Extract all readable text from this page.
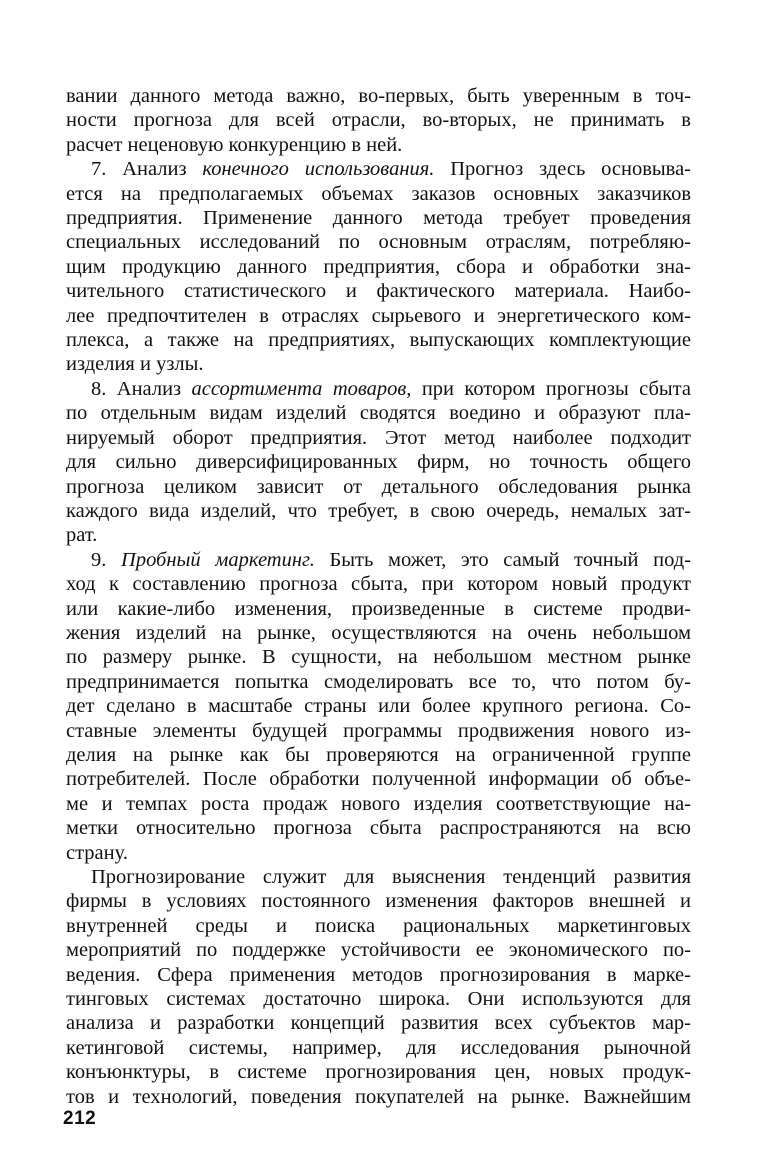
вании данного метода важно, во-первых, быть уверенным в точ-
ности прогноза для всей отрасли, во-вторых, не принимать в
расчет неценовую конкуренцию в ней.
7. Анализ конечного использования. Прогноз здесь основыва-
ется на предполагаемых объемах заказов основных заказчиков
предприятия. Применение данного метода требует проведения
специальных исследований по основным отраслям, потребляю-
щим продукцию данного предприятия, сбора и обработки зна-
чительного статистического и фактического материала. Наибо-
лее предпочтителен в отраслях сырьевого и энергетического ком-
плекса, а также на предприятиях, выпускающих комплектующие
изделия и узлы.
8. Анализ ассортимента товаров, при котором прогнозы сбыта
по отдельным видам изделий сводятся воедино и образуют пла-
нируемый оборот предприятия. Этот метод наиболее подходит
для сильно диверсифицированных фирм, но точность общего
прогноза целиком зависит от детального обследования рынка
каждого вида изделий, что требует, в свою очередь, немалых зат-
рат.
9. Пробный маркетинг. Быть может, это самый точный под-
ход к составлению прогноза сбыта, при котором новый продукт
или какие-либо изменения, произведенные в системе продви-
жения изделий на рынке, осуществляются на очень небольшом
по размеру рынке. В сущности, на небольшом местном рынке
предпринимается попытка смоделировать все то, что потом бу-
дет сделано в масштабе страны или более крупного региона. Со-
ставные элементы будущей программы продвижения нового из-
делия на рынке как бы проверяются на ограниченной группе
потребителей. После обработки полученной информации об объе-
ме и темпах роста продаж нового изделия соответствующие на-
метки относительно прогноза сбыта распространяются на всю
страну.
Прогнозирование служит для выяснения тенденций развития
фирмы в условиях постоянного изменения факторов внешней и
внутренней среды и поиска рациональных маркетинговых
мероприятий по поддержке устойчивости ее экономического по-
ведения. Сфера применения методов прогнозирования в марке-
тинговых системах достаточно широка. Они используются для
анализа и разработки концепций развития всех субъектов мар-
кетинговой системы, например, для исследования рыночной
конъюнктуры, в системе прогнозирования цен, новых продук-
тов и технологий, поведения покупателей на рынке. Важнейшим
212
